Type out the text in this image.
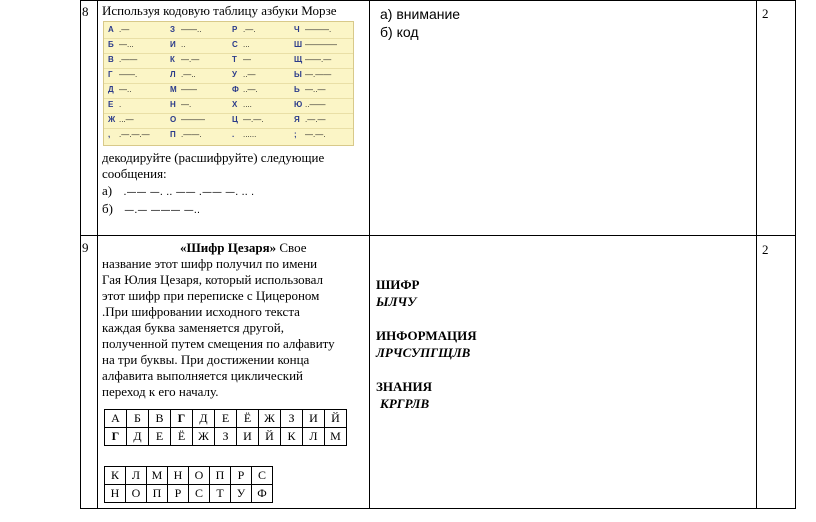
8 Используя кодовую таблицу азбуки Морзе
А .—	З ——..	Р .—.	Ч ———.
Б —...	И ..	С ...	Ш ————
В .——	К —.—	Т —	Щ ——.—
Г ——.	Л .—..	У ..—	Ы —.——
Д —..	М ——	Ф ..—.	Ь —..—
Е .	Н —.	Х ....	Ю ..——
Ж ...—	О ———	Ц —.—.	Я .—.—
, .—.—.—	П .——.	. ......	; —.—.
декодируйте (расшифруйте) следующие сообщения:
а) .—— —. .. —— .—— —. .. .
б) —.— ——— —..
а) внимание
б) код
2
9	«Шифр Цезаря» Свое
название этот шифр получил по имени
Гая Юлия Цезаря, который использовал
этот шифр при переписке с Цицероном
.При шифровании исходного текста
каждая буква заменяется другой,
полученной путем смещения по алфавиту
на три буквы. При достижении конца
алфавита выполняется циклический
переход к его началу.
А	Б	В	Г	Д	Е	Ё	Ж	З	И	Й
Г	Д	Е	Ё	Ж	З	И	Й	К	Л	М
К	Л	М	Н	О	П	Р	С
Н	О	П	Р	С	Т	У	Ф
ШИФР
ЫЛЧУ
ИНФОРМАЦИЯ
ЛРЧСУПГЩЛВ
ЗНАНИЯ
КРГРЛВ
2
